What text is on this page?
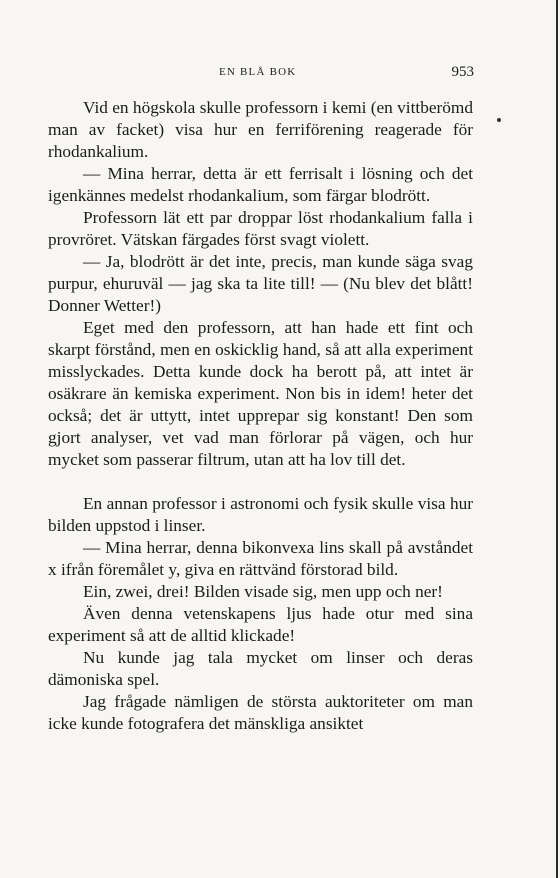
EN BLÅ BOK	953

Vid en högskola skulle professorn i kemi (en vittberömd man av facket) visa hur en ferriförening reagerade för rhodankalium.

— Mina herrar, detta är ett ferrisalt i lösning och det igenkännes medelst rhodankalium, som färgar blodrött.

Professorn lät ett par droppar löst rhodankalium falla i provröret. Vätskan färgades först svagt violett.

— Ja, blodrött är det inte, precis, man kunde säga svag purpur, ehuruväl — jag ska ta lite till! — (Nu blev det blått! Donner Wetter!)

Eget med den professorn, att han hade ett fint och skarpt förstånd, men en oskicklig hand, så att alla experiment misslyckades. Detta kunde dock ha berott på, att intet är osäkrare än kemiska experiment. Non bis in idem! heter det också; det är uttytt, intet upprepar sig konstant! Den som gjort analyser, vet vad man förlorar på vägen, och hur mycket som passerar filtrum, utan att ha lov till det.

En annan professor i astronomi och fysik skulle visa hur bilden uppstod i linser.

— Mina herrar, denna bikonvexa lins skall på avståndet x ifrån föremålet y, giva en rättvänd förstorad bild.

Ein, zwei, drei! Bilden visade sig, men upp och ner!

Även denna vetenskapens ljus hade otur med sina experiment så att de alltid klickade!

Nu kunde jag tala mycket om linser och deras dämoniska spel.

Jag frågade nämligen de största auktoriteter om man icke kunde fotografera det mänskliga ansiktet
